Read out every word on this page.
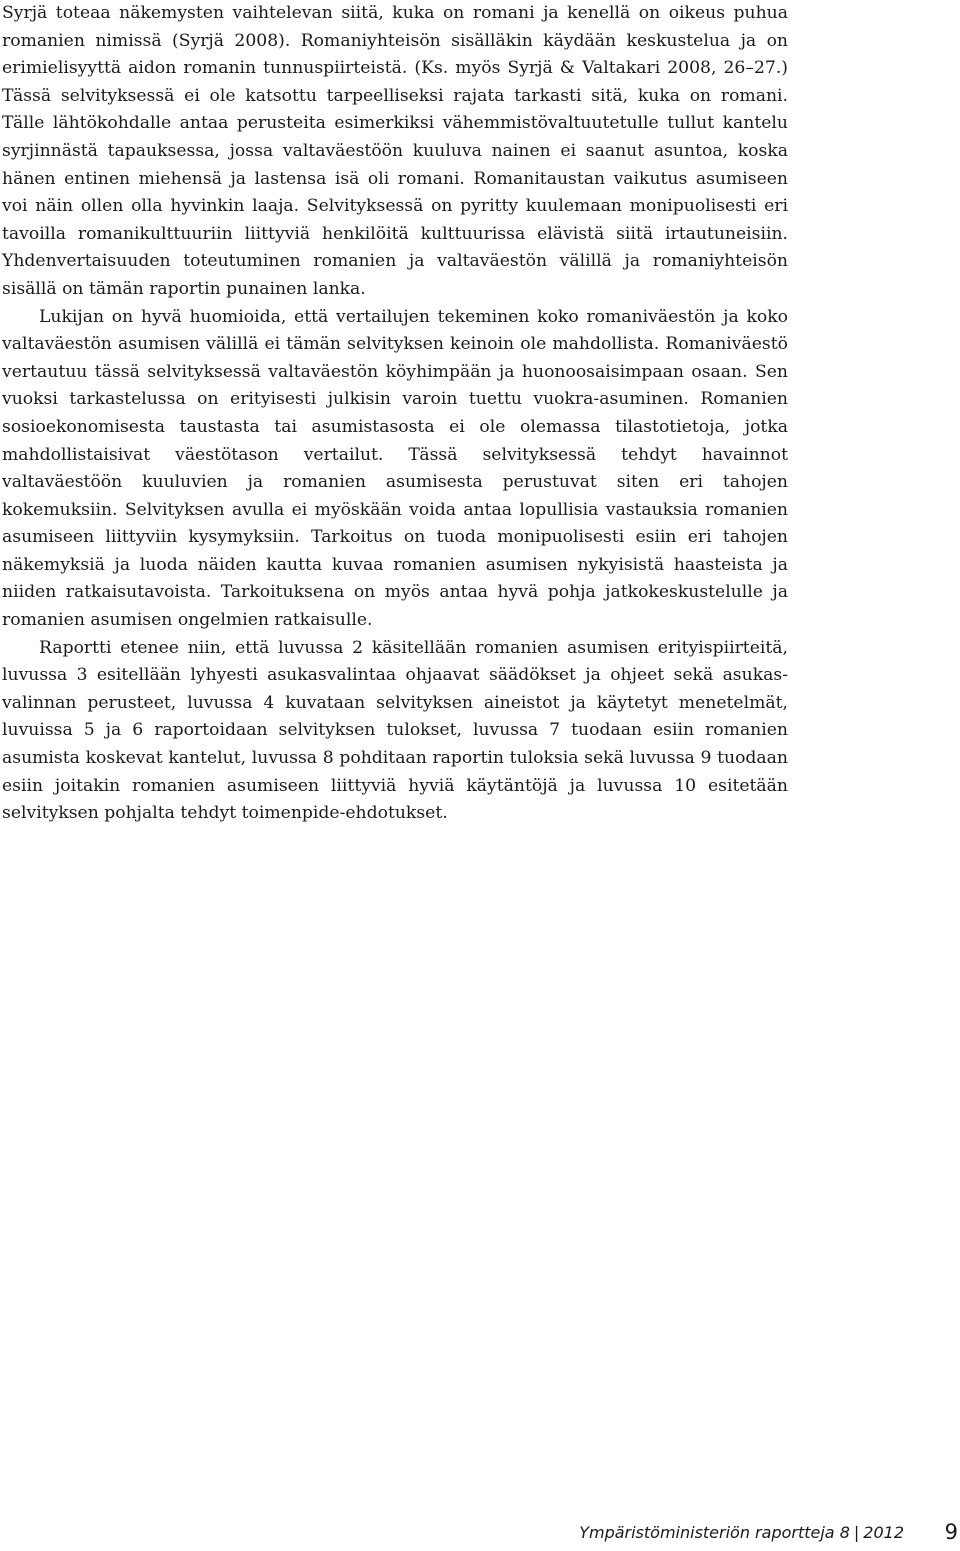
Syrjä toteaa näkemysten vaihtelevan siitä, kuka on romani ja kenellä on oikeus puhua romanien nimissä (Syrjä 2008). Romaniyhteisön sisälläkin käydään keskustelua ja on erimielisyyttä aidon romanin tunnuspiirteistä. (Ks. myös Syrjä & Valtakari 2008, 26–27.) Tässä selvityksessä ei ole katsottu tarpeelliseksi rajata tarkasti sitä, kuka on romani. Tälle lähtökohdalle antaa perusteita esimerkiksi vähemmistövaltuutetulle tullut kantelu syrjinnästä tapauksessa, jossa valtaväestöön kuuluva nainen ei saanut asuntoa, koska hänen entinen miehensä ja lastensa isä oli romani. Romanitaustan vaikutus asumiseen voi näin ollen olla hyvinkin laaja. Selvityksessä on pyritty kuulemaan monipuolisesti eri tavoilla romanikulttuuriin liittyviä henkilöitä kulttuurissa elävistä siitä irtautuneisiin. Yhdenvertaisuuden toteutuminen romanien ja valtaväestön välillä ja romaniyhteisön sisällä on tämän raportin punainen lanka.

Lukijan on hyvä huomioida, että vertailujen tekeminen koko romaniväestön ja koko valtaväestön asumisen välillä ei tämän selvityksen keinoin ole mahdollista. Romaniväestö vertautuu tässä selvityksessä valtaväestön köyhimpään ja huonoosaisimpaan osaan. Sen vuoksi tarkastelussa on erityisesti julkisin varoin tuettu vuokra-asuminen. Romanien sosioekonomisesta taustasta tai asumistasosta ei ole olemassa tilastotietoja, jotka mahdollistaisivat väestötason vertailut. Tässä selvityksessä tehdyt havainnot valtaväestöön kuuluvien ja romanien asumisesta perustuvat siten eri tahojen kokemuksiin. Selvityksen avulla ei myöskään voida antaa lopullisia vastauksia romanien asumiseen liittyviin kysymyksiin. Tarkoitus on tuoda monipuolisesti esiin eri tahojen näkemyksiä ja luoda näiden kautta kuvaa romanien asumisen nykyisistä haasteista ja niiden ratkaisutavoista. Tarkoituksena on myös antaa hyvä pohja jatkokeskustelulle ja romanien asumisen ongelmien ratkaisulle.

Raportti etenee niin, että luvussa 2 käsitellään romanien asumisen erityispiirteitä, luvussa 3 esitellään lyhyesti asukasvalintaa ohjaavat säädökset ja ohjeet sekä asukasvalinnan perusteet, luvussa 4 kuvataan selvityksen aineistot ja käytetyt menetelmät, luvuissa 5 ja 6 raportoidaan selvityksen tulokset, luvussa 7 tuodaan esiin romanien asumista koskevat kantelut, luvussa 8 pohditaan raportin tuloksia sekä luvussa 9 tuodaan esiin joitakin romanien asumiseen liittyviä hyviä käytäntöjä ja luvussa 10 esitetään selvityksen pohjalta tehdyt toimenpide-ehdotukset.

Ympäristöministeriön raportteja 8 | 2012 9
